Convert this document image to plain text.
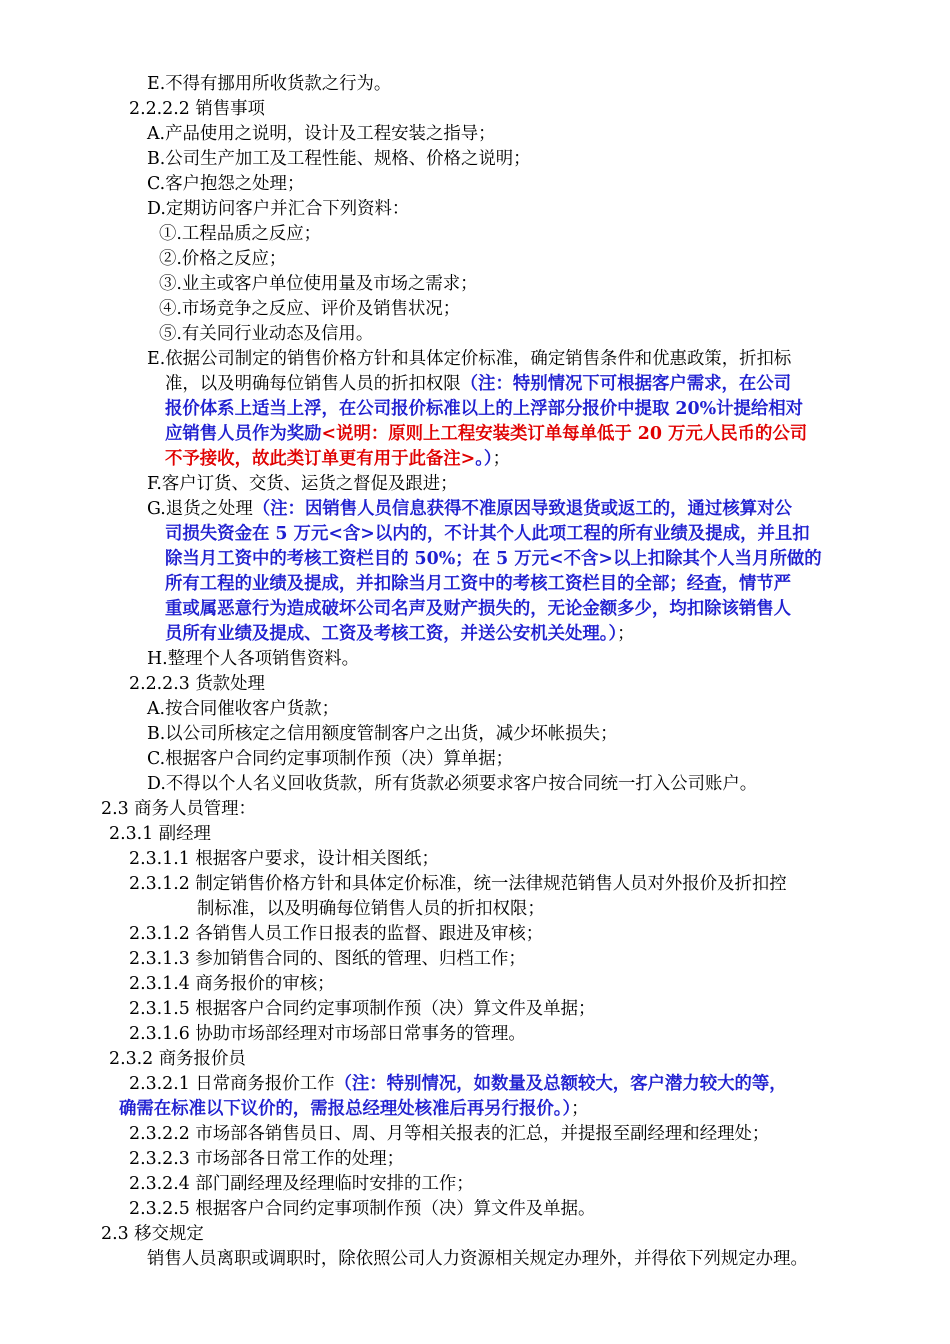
E.不得有挪用所收货款之行为。
2.2.2.2 销售事项
A.产品使用之说明，设计及工程安装之指导；
B.公司生产加工及工程性能、规格、价格之说明；
C.客户抱怨之处理；
D.定期访问客户并汇合下列资料：
①.工程品质之反应；
②.价格之反应；
③.业主或客户单位使用量及市场之需求；
④.市场竞争之反应、评价及销售状况；
⑤.有关同行业动态及信用。
E.依据公司制定的销售价格方针和具体定价标准，确定销售条件和优惠政策，折扣标
准，以及明确每位销售人员的折扣权限（注：特别情况下可根据客户需求，在公司
报价体系上适当上浮，在公司报价标准以上的上浮部分报价中提取 20%计提给相对
应销售人员作为奖励<说明：原则上工程安装类订单每单低于 20 万元人民币的公司
不予接收，故此类订单更有用于此备注>。）；
F.客户订货、交货、运货之督促及跟进；
G.退货之处理（注：因销售人员信息获得不准原因导致退货或返工的，通过核算对公
司损失资金在 5 万元<含>以内的，不计其个人此项工程的所有业绩及提成，并且扣
除当月工资中的考核工资栏目的 50%；在 5 万元<不含>以上扣除其个人当月所做的
所有工程的业绩及提成，并扣除当月工资中的考核工资栏目的全部；经查，情节严
重或属恶意行为造成破坏公司名声及财产损失的，无论金额多少，均扣除该销售人
员所有业绩及提成、工资及考核工资，并送公安机关处理。）；
H.整理个人各项销售资料。
2.2.2.3 货款处理
A.按合同催收客户货款；
B.以公司所核定之信用额度管制客户之出货，减少坏帐损失；
C.根据客户合同约定事项制作预（决）算单据；
D.不得以个人名义回收货款，所有货款必须要求客户按合同统一打入公司账户。
2.3 商务人员管理：
2.3.1 副经理
2.3.1.1 根据客户要求，设计相关图纸；
2.3.1.2 制定销售价格方针和具体定价标准，统一法律规范销售人员对外报价及折扣控
制标准，以及明确每位销售人员的折扣权限；
2.3.1.2 各销售人员工作日报表的监督、跟进及审核；
2.3.1.3 参加销售合同的、图纸的管理、归档工作；
2.3.1.4 商务报价的审核；
2.3.1.5 根据客户合同约定事项制作预（决）算文件及单据；
2.3.1.6 协助市场部经理对市场部日常事务的管理。
2.3.2 商务报价员
2.3.2.1 日常商务报价工作（注：特别情况，如数量及总额较大，客户潜力较大的等，
确需在标准以下议价的，需报总经理处核准后再另行报价。）；
2.3.2.2 市场部各销售员日、周、月等相关报表的汇总，并提报至副经理和经理处；
2.3.2.3 市场部各日常工作的处理；
2.3.2.4 部门副经理及经理临时安排的工作；
2.3.2.5 根据客户合同约定事项制作预（决）算文件及单据。
2.3 移交规定
销售人员离职或调职时，除依照公司人力资源相关规定办理外，并得依下列规定办理。
